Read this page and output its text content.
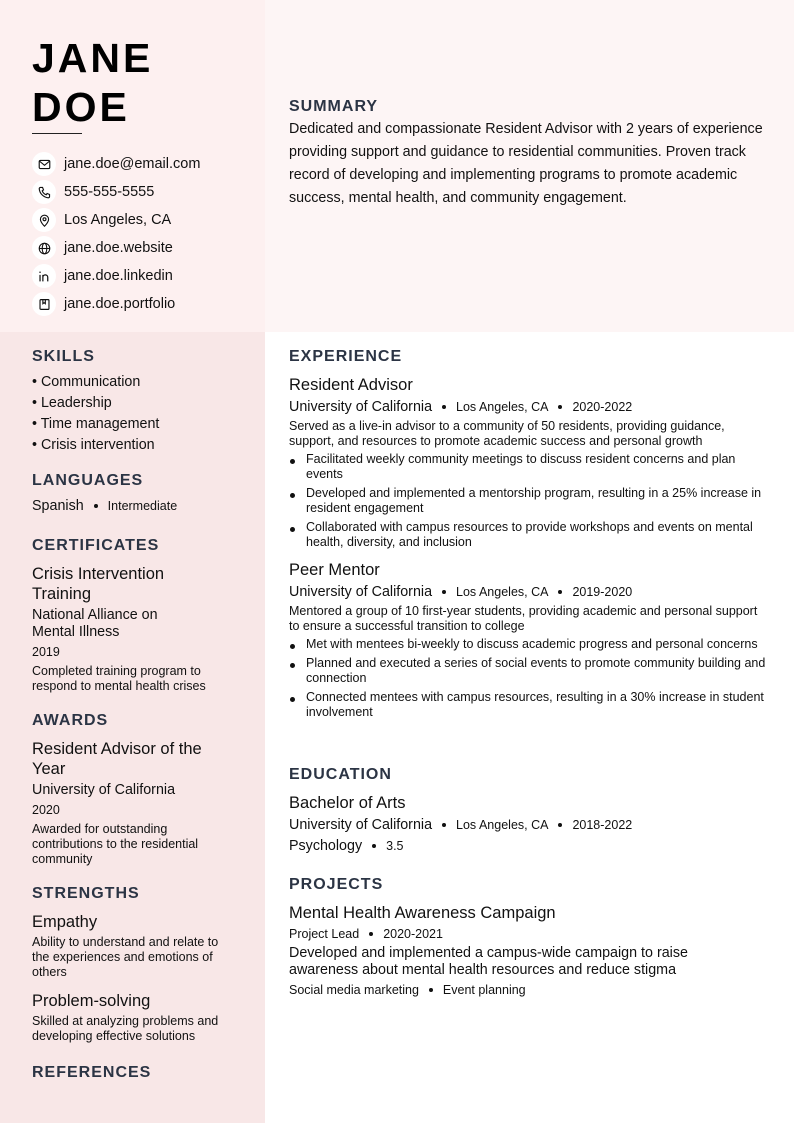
JANE
DOE
jane.doe@email.com
555-555-5555
Los Angeles, CA
jane.doe.website
jane.doe.linkedin
jane.doe.portfolio
SUMMARY
Dedicated and compassionate Resident Advisor with 2 years of experience providing support and guidance to residential communities. Proven track record of developing and implementing programs to promote academic success, mental health, and community engagement.
SKILLS
• Communication
• Leadership
• Time management
• Crisis intervention
LANGUAGES
Spanish Intermediate
CERTIFICATES
Crisis Intervention Training
National Alliance on Mental Illness
2019
Completed training program to respond to mental health crises
AWARDS
Resident Advisor of the Year
University of California
2020
Awarded for outstanding contributions to the residential community
STRENGTHS
Empathy
Ability to understand and relate to the experiences and emotions of others
Problem-solving
Skilled at analyzing problems and developing effective solutions
REFERENCES
EXPERIENCE
Resident Advisor
University of California Los Angeles, CA 2020-2022
Served as a live-in advisor to a community of 50 residents, providing guidance, support, and resources to promote academic success and personal growth
Facilitated weekly community meetings to discuss resident concerns and plan events
Developed and implemented a mentorship program, resulting in a 25% increase in resident engagement
Collaborated with campus resources to provide workshops and events on mental health, diversity, and inclusion
Peer Mentor
University of California Los Angeles, CA 2019-2020
Mentored a group of 10 first-year students, providing academic and personal support to ensure a successful transition to college
Met with mentees bi-weekly to discuss academic progress and personal concerns
Planned and executed a series of social events to promote community building and connection
Connected mentees with campus resources, resulting in a 30% increase in student involvement
EDUCATION
Bachelor of Arts
University of California Los Angeles, CA 2018-2022
Psychology 3.5
PROJECTS
Mental Health Awareness Campaign
Project Lead 2020-2021
Developed and implemented a campus-wide campaign to raise awareness about mental health resources and reduce stigma
Social media marketing Event planning
